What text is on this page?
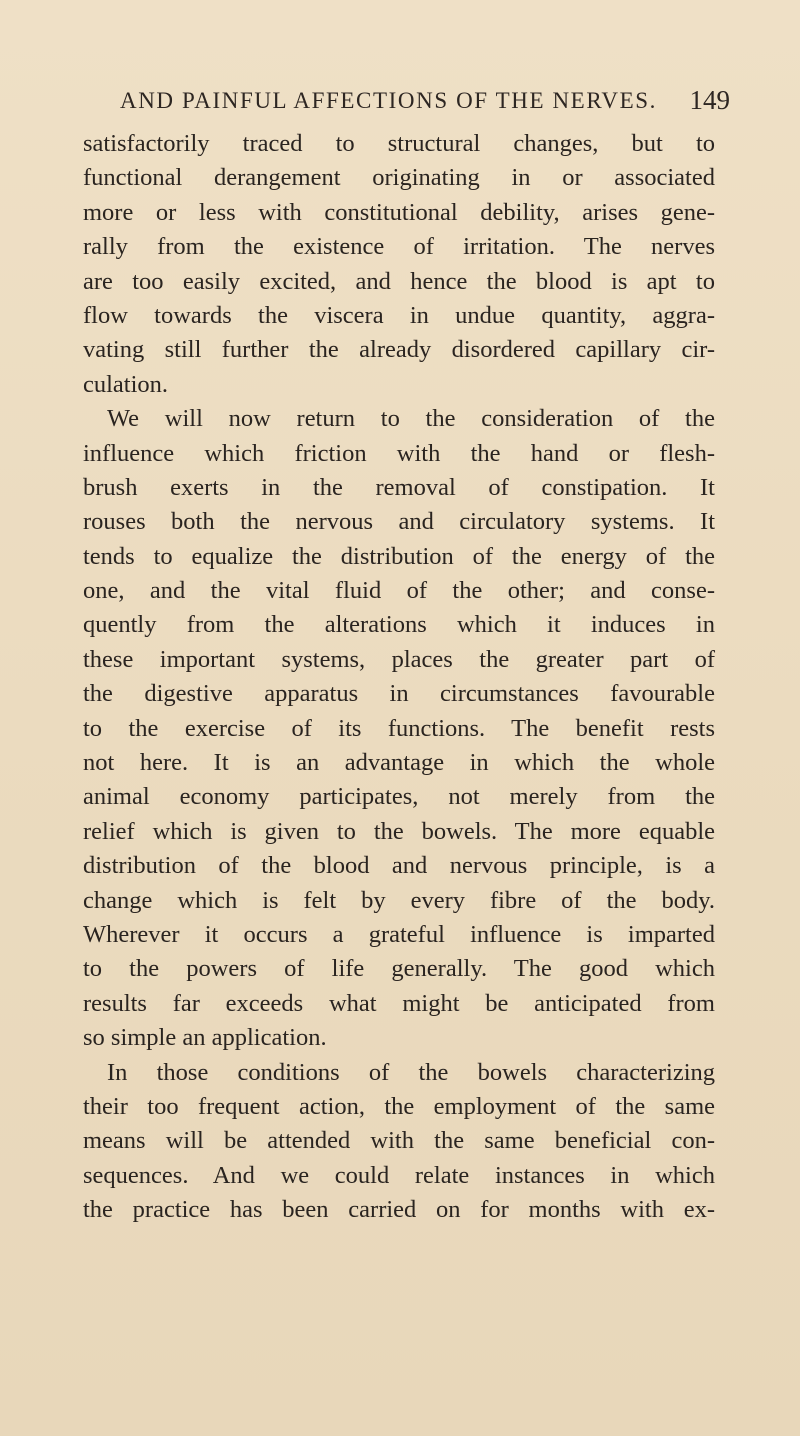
AND PAINFUL AFFECTIONS OF THE NERVES. 149
satisfactorily traced to structural changes, but to
functional derangement originating in or associated
more or less with constitutional debility, arises gene-
rally from the existence of irritation. The nerves
are too easily excited, and hence the blood is apt to
flow towards the viscera in undue quantity, aggra-
vating still further the already disordered capillary cir-
culation.
We will now return to the consideration of the
influence which friction with the hand or flesh-
brush exerts in the removal of constipation. It
rouses both the nervous and circulatory systems. It
tends to equalize the distribution of the energy of the
one, and the vital fluid of the other; and conse-
quently from the alterations which it induces in
these important systems, places the greater part of
the digestive apparatus in circumstances favourable
to the exercise of its functions. The benefit rests
not here. It is an advantage in which the whole
animal economy participates, not merely from the
relief which is given to the bowels. The more equable
distribution of the blood and nervous principle, is a
change which is felt by every fibre of the body.
Wherever it occurs a grateful influence is imparted
to the powers of life generally. The good which
results far exceeds what might be anticipated from
so simple an application.
In those conditions of the bowels characterizing
their too frequent action, the employment of the same
means will be attended with the same beneficial con-
sequences. And we could relate instances in which
the practice has been carried on for months with ex-
